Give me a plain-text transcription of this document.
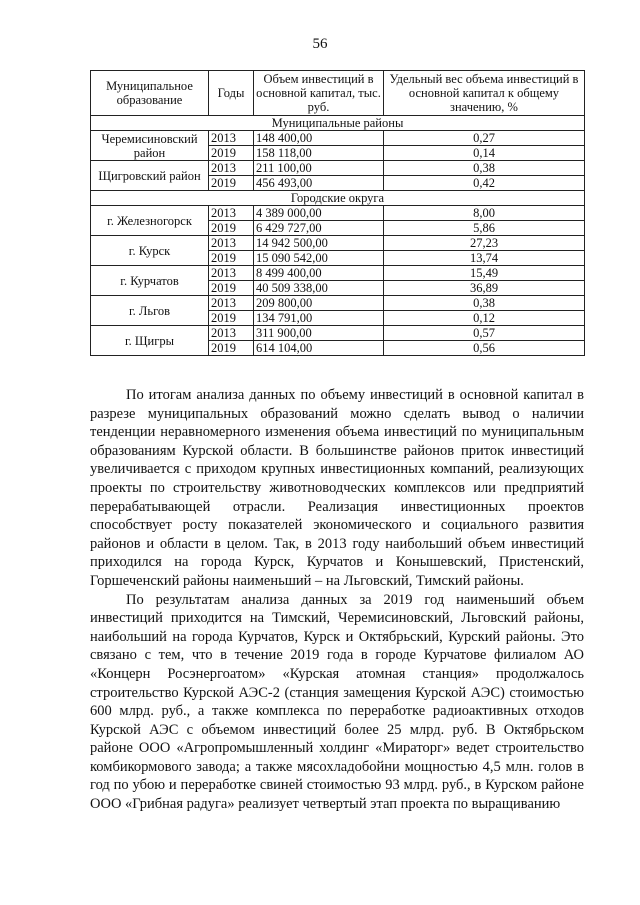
56
Муниципальное образование	Годы	Объем инвестиций в основной капитал, тыс. руб.	Удельный вес объема инвестиций в основной капитал к общему значению, %
Муниципальные районы			
Черемисиновский район	2013	148 400,00	0,27
	2019	158 118,00	0,14
Щигровский район	2013	211 100,00	0,38
	2019	456 493,00	0,42
Городские округа			
г. Железногорск	2013	4 389 000,00	8,00
	2019	6 429 727,00	5,86
г. Курск	2013	14 942 500,00	27,23
	2019	15 090 542,00	13,74
г. Курчатов	2013	8 499 400,00	15,49
	2019	40 509 338,00	36,89
г. Льгов	2013	209 800,00	0,38
	2019	134 791,00	0,12
г. Щигры	2013	311 900,00	0,57
	2019	614 104,00	0,56

По итогам анализа данных по объему инвестиций в основной капитал в разрезе муниципальных образований можно сделать вывод о наличии тенденции неравномерного изменения объема инвестиций по муниципальным образованиям Курской области. В большинстве районов приток инвестиций увеличивается с приходом крупных инвестиционных компаний, реализующих проекты по строительству животноводческих комплексов или предприятий перерабатывающей отрасли. Реализация инвестиционных проектов способствует росту показателей экономического и социального развития районов и области в целом. Так, в 2013 году наибольший объем инвестиций приходился на города Курск, Курчатов и Конышевский, Пристенский, Горшеченский районы наименьший – на Льговский, Тимский районы.

По результатам анализа данных за 2019 год наименьший объем инвестиций приходится на Тимский, Черемисиновский, Льговский районы, наибольший на города Курчатов, Курск и Октябрьский, Курский районы. Это связано с тем, что в течение 2019 года в городе Курчатове филиалом АО «Концерн Росэнергоатом» «Курская атомная станция» продолжалось строительство Курской АЭС-2 (станция замещения Курской АЭС) стоимостью 600 млрд. руб., а также комплекса по переработке радиоактивных отходов Курской АЭС с объемом инвестиций более 25 млрд. руб. В Октябрьском районе ООО «Агропромышленный холдинг «Мираторг» ведет строительство комбикормового завода; а также мясохладобойни мощностью 4,5 млн. голов в год по убою и переработке свиней стоимостью 93 млрд. руб., в Курском районе ООО «Грибная радуга» реализует четвертый этап проекта по выращиванию
